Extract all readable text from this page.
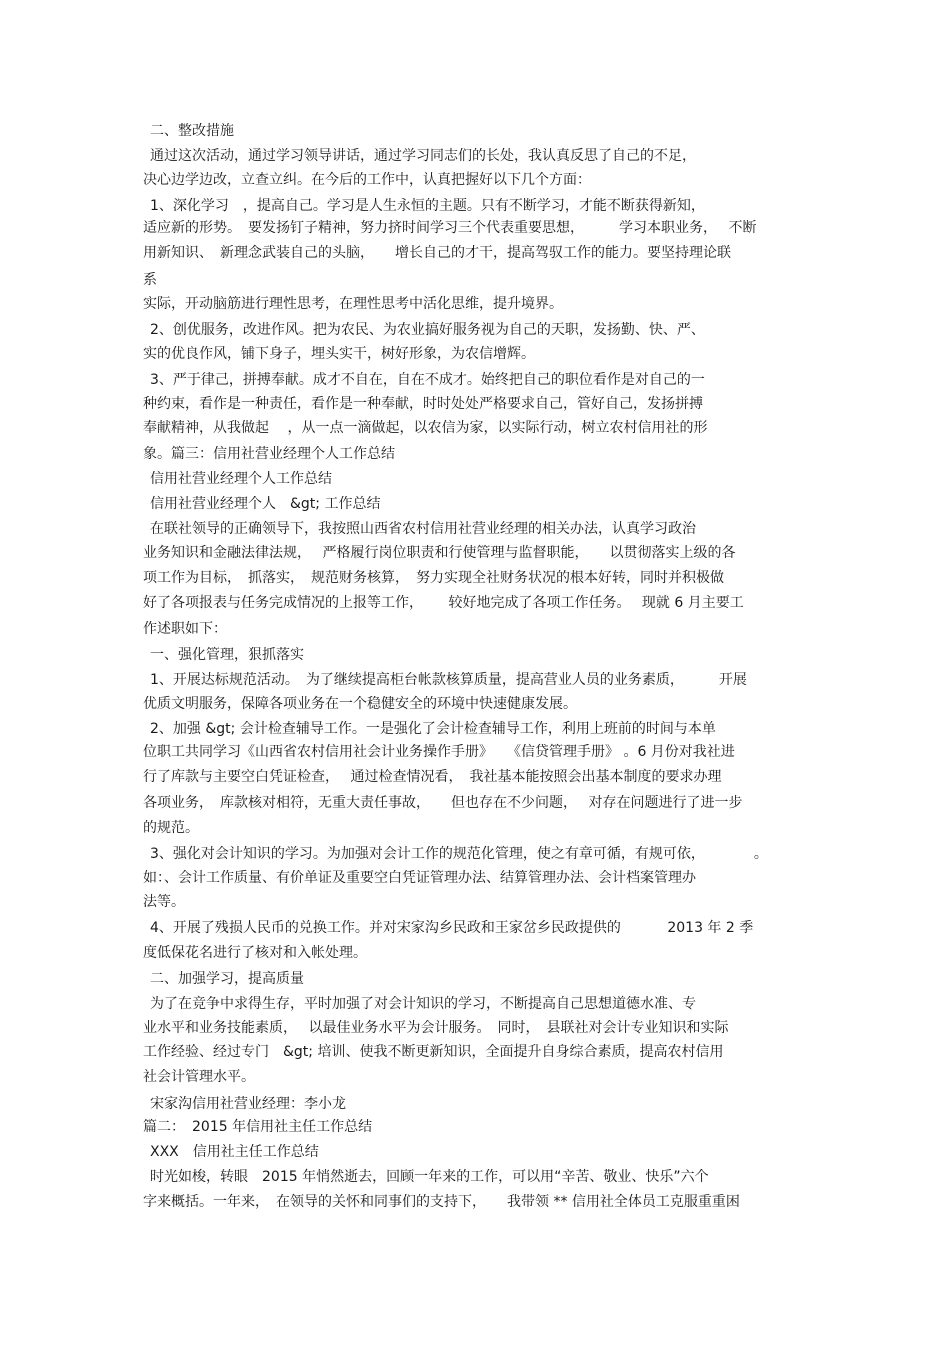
二、整改措施
通过这次活动，通过学习领导讲话，通过学习同志们的长处，我认真反思了自己的不足，
决心边学边改，立查立纠。在今后的工作中，认真把握好以下几个方面：
1、深化学习　，提高自己。学习是人生永恒的主题。只有不断学习，才能不断获得新知，
适应新的形势。　要发扬钉子精神，努力挤时间学习三个代表重要思想，　　　学习本职业务，　 不断
用新知识、　新理念武装自己的头脑，　　增长自己的才干，提高驾驭工作的能力。要坚持理论联
系
实际，开动脑筋进行理性思考，在理性思考中活化思维，提升境界。
2、创优服务，改进作风。把为农民、为农业搞好服务视为自己的天职，发扬勤、快、严、
实的优良作风，铺下身子，埋头实干，树好形象，为农信增辉。
3、严于律己，拼搏奉献。成才不自在，自在不成才。始终把自己的职位看作是对自己的一
种约束，看作是一种责任，看作是一种奉献，时时处处严格要求自己，管好自己，发扬拼搏
奉献精神，从我做起　 ，从一点一滴做起，以农信为家，以实际行动，树立农村信用社的形
象。篇三：信用社营业经理个人工作总结
信用社营业经理个人工作总结
信用社营业经理个人　&gt; 工作总结
在联社领导的正确领导下，我按照山西省农村信用社营业经理的相关办法，认真学习政治
业务知识和金融法律法规，　 严格履行岗位职责和行使管理与监督职能，　　以贯彻落实上级的各
项工作为目标，　抓落实，　规范财务核算，　努力实现全社财务状况的根本好转，同时并积极做
好了各项报表与任务完成情况的上报等工作，　　 较好地完成了各项工作任务。　 现就 6 月主要工
作述职如下：
一、强化管理，狠抓落实
1、开展达标规范活动。　为了继续提高柜台帐款核算质量，提高营业人员的业务素质，　　　开展
优质文明服务，保障各项业务在一个稳健安全的环境中快速健康发展。
2、加强 &gt; 会计检查辅导工作。一是强化了会计检查辅导工作，利用上班前的时间与本单
位职工共同学习《山西省农村信用社会计业务操作手册》　　《信贷管理手册》 。6 月份对我社进
行了库款与主要空白凭证检查，　 通过检查情况看，　我社基本能按照会出基本制度的要求办理
各项业务，　库款核对相符，无重大责任事故，　　但也存在不少问题，　 对存在问题进行了进一步
的规范。
3、强化对会计知识的学习。为加强对会计工作的规范化管理，使之有章可循，有规可依，　　　　。
如：、会计工作质量、有价单证及重要空白凭证管理办法、结算管理办法、会计档案管理办
法等。
4、开展了残损人民币的兑换工作。并对宋家沟乡民政和王家岔乡民政提供的　　　 2013 年 2 季
度低保花名进行了核对和入帐处理。
二、加强学习，提高质量
为了在竞争中求得生存，平时加强了对会计知识的学习，不断提高自己思想道德水准、专
业水平和业务技能素质，　 以最佳业务水平为会计服务。　同时，　县联社对会计专业知识和实际
工作经验、经过专门　&gt; 培训、使我不断更新知识，全面提升自身综合素质，提高农村信用
社会计管理水平。
宋家沟信用社营业经理：李小龙
篇二：　2015 年信用社主任工作总结
XXX　信用社主任工作总结
时光如梭，转眼　2015 年悄然逝去，回顾一年来的工作，可以用“辛苦、敬业、快乐”六个
字来概括。一年来，　在领导的关怀和同事们的支持下，　　我带领 ** 信用社全体员工克服重重困
